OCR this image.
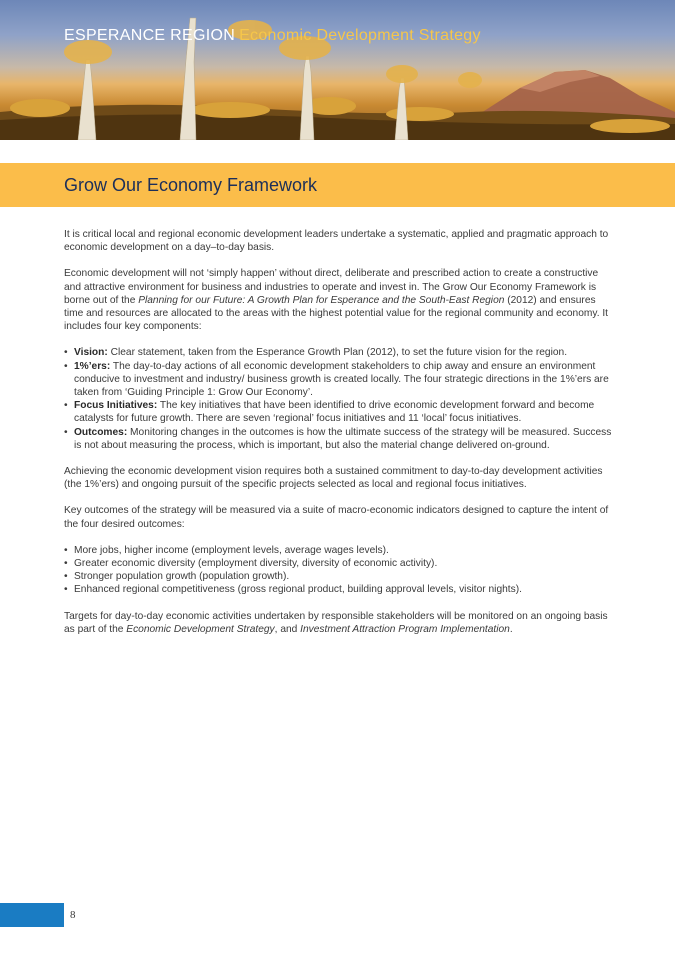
ESPERANCE REGION Economic Development Strategy
Grow Our Economy Framework

It is critical local and regional economic development leaders undertake a systematic, applied and pragmatic approach to economic development on a day–to-day basis.

Economic development will not ‘simply happen’ without direct, deliberate and prescribed action to create a constructive and attractive environment for business and industries to operate and invest in. The Grow Our Economy Framework is borne out of the Planning for our Future: A Growth Plan for Esperance and the South-East Region (2012) and ensures time and resources are allocated to the areas with the highest potential value for the regional community and economy. It includes four key components:

• Vision: Clear statement, taken from the Esperance Growth Plan (2012), to set the future vision for the region.
• 1%’ers: The day-to-day actions of all economic development stakeholders to chip away and ensure an environment conducive to investment and industry/ business growth is created locally. The four strategic directions in the 1%’ers are taken from ‘Guiding Principle 1: Grow Our Economy’.
• Focus Initiatives: The key initiatives that have been identified to drive economic development forward and become catalysts for future growth. There are seven ‘regional’ focus initiatives and 11 ‘local’ focus initiatives.
• Outcomes: Monitoring changes in the outcomes is how the ultimate success of the strategy will be measured. Success is not about measuring the process, which is important, but also the material change delivered on-ground.

Achieving the economic development vision requires both a sustained commitment to day-to-day development activities (the 1%’ers) and ongoing pursuit of the specific projects selected as local and regional focus initiatives.

Key outcomes of the strategy will be measured via a suite of macro-economic indicators designed to capture the intent of the four desired outcomes:

• More jobs, higher income (employment levels, average wages levels).
• Greater economic diversity (employment diversity, diversity of economic activity).
• Stronger population growth (population growth).
• Enhanced regional competitiveness (gross regional product, building approval levels, visitor nights).

Targets for day-to-day economic activities undertaken by responsible stakeholders will be monitored on an ongoing basis as part of the Economic Development Strategy, and Investment Attraction Program Implementation.

8
